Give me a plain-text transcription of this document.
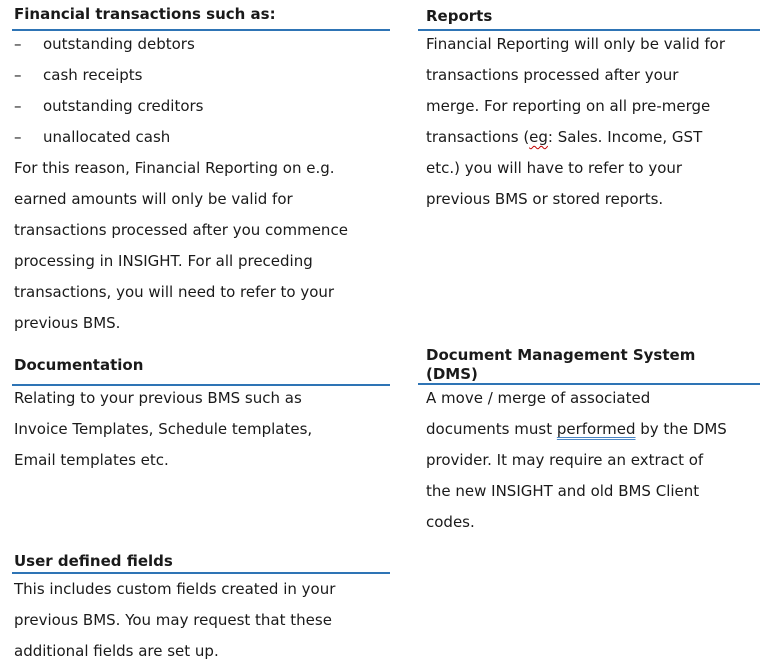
Financial transactions such as:
–	outstanding debtors
–	cash receipts
–	outstanding creditors
–	unallocated cash
For this reason, Financial Reporting on e.g.
earned amounts will only be valid for
transactions processed after you commence
processing in INSIGHT. For all preceding
transactions, you will need to refer to your
previous BMS.
Reports
Financial Reporting will only be valid for
transactions processed after your
merge. For reporting on all pre-merge
transactions (eg: Sales. Income, GST
etc.) you will have to refer to your
previous BMS or stored reports.
Documentation
Relating to your previous BMS such as
Invoice Templates, Schedule templates,
Email templates etc.
Document Management System
(DMS)
A move / merge of associated
documents must performed by the DMS
provider. It may require an extract of
the new INSIGHT and old BMS Client
codes.
User defined fields
This includes custom fields created in your
previous BMS. You may request that these
additional fields are set up.
